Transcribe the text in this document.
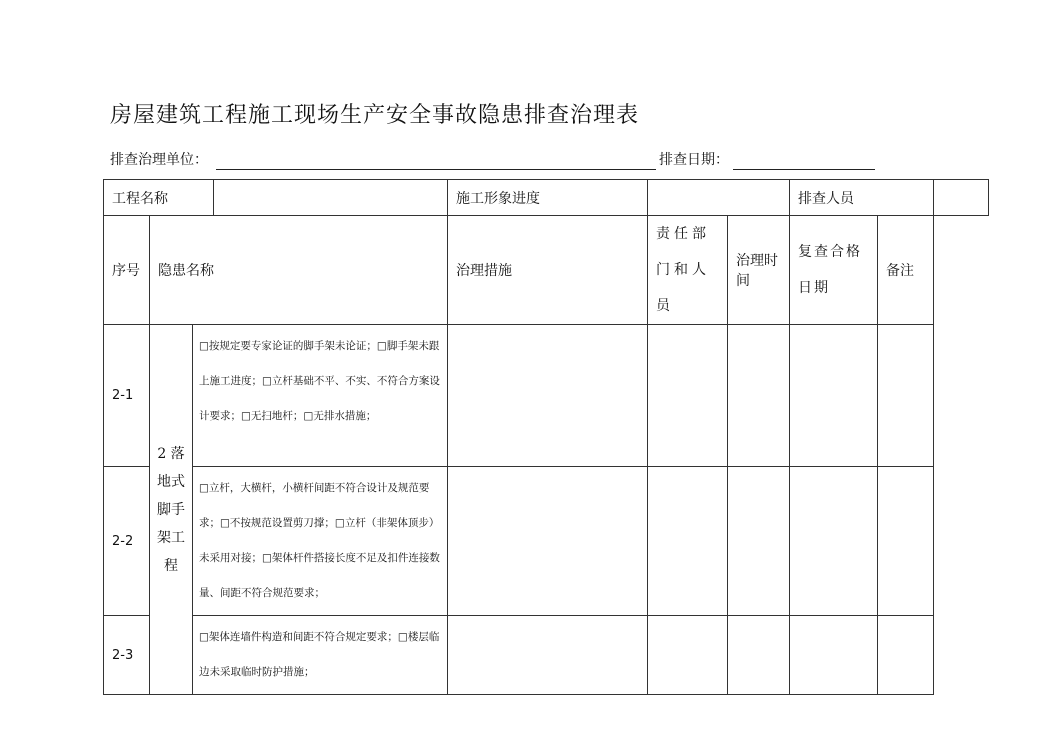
房屋建筑工程施工现场生产安全事故隐患排查治理表
排查治理单位：	排查日期：
工程名称				施工形象进度			排查人员		
序号	隐患名称			治理措施	责任部门和人员	治理时间	复查合格日期	备注	
2-1	2 落地式脚手架工程	□按规定要专家论证的脚手架未论证；□脚手架未跟上施工进度；□立杆基础不平、不实、不符合方案设计要求；□无扫地杆；□无排水措施；							
2-2		□立杆，大横杆，小横杆间距不符合设计及规范要求；□不按规范设置剪刀撑；□立杆（非架体顶步）未采用对接；□架体杆件搭接长度不足及扣件连接数量、间距不符合规范要求；							
2-3		□架体连墙件构造和间距不符合规定要求；□楼层临边未采取临时防护措施；							
